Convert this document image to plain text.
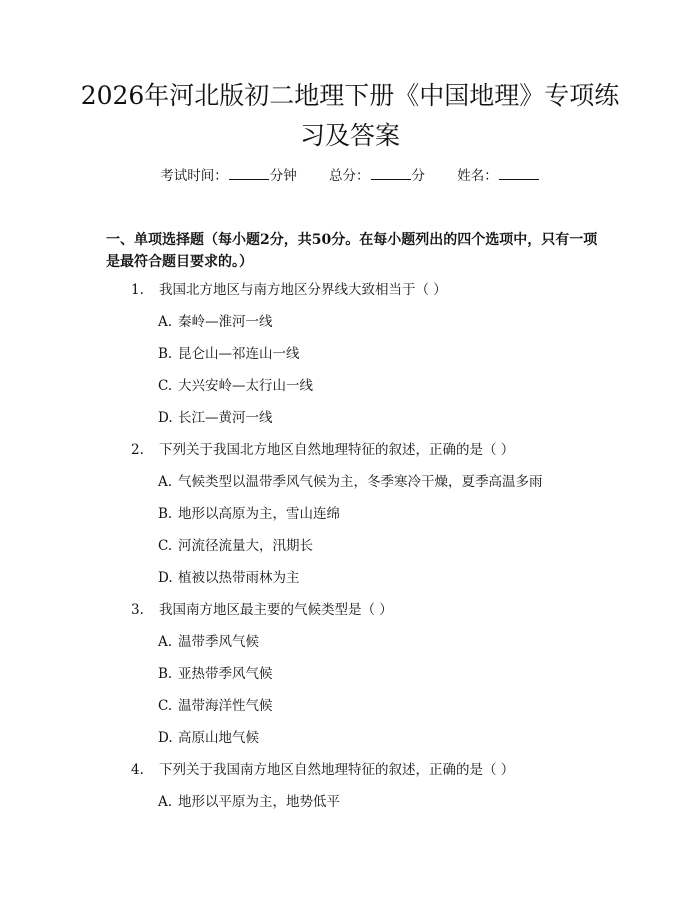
2026年河北版初二地理下册《中国地理》专项练习及答案
考试时间：	分钟 总分：	分 姓名：
一、单项选择题（每小题2分，共50分。在每小题列出的四个选项中，只有一项是最符合题目要求的。）
1. 我国北方地区与南方地区分界线大致相当于（ ）
A. 秦岭—淮河一线
B. 昆仑山—祁连山一线
C. 大兴安岭—太行山一线
D. 长江—黄河一线
2. 下列关于我国北方地区自然地理特征的叙述，正确的是（ ）
A. 气候类型以温带季风气候为主，冬季寒冷干燥，夏季高温多雨
B. 地形以高原为主，雪山连绵
C. 河流径流量大，汛期长
D. 植被以热带雨林为主
3. 我国南方地区最主要的气候类型是（ ）
A. 温带季风气候
B. 亚热带季风气候
C. 温带海洋性气候
D. 高原山地气候
4. 下列关于我国南方地区自然地理特征的叙述，正确的是（ ）
A. 地形以平原为主，地势低平
